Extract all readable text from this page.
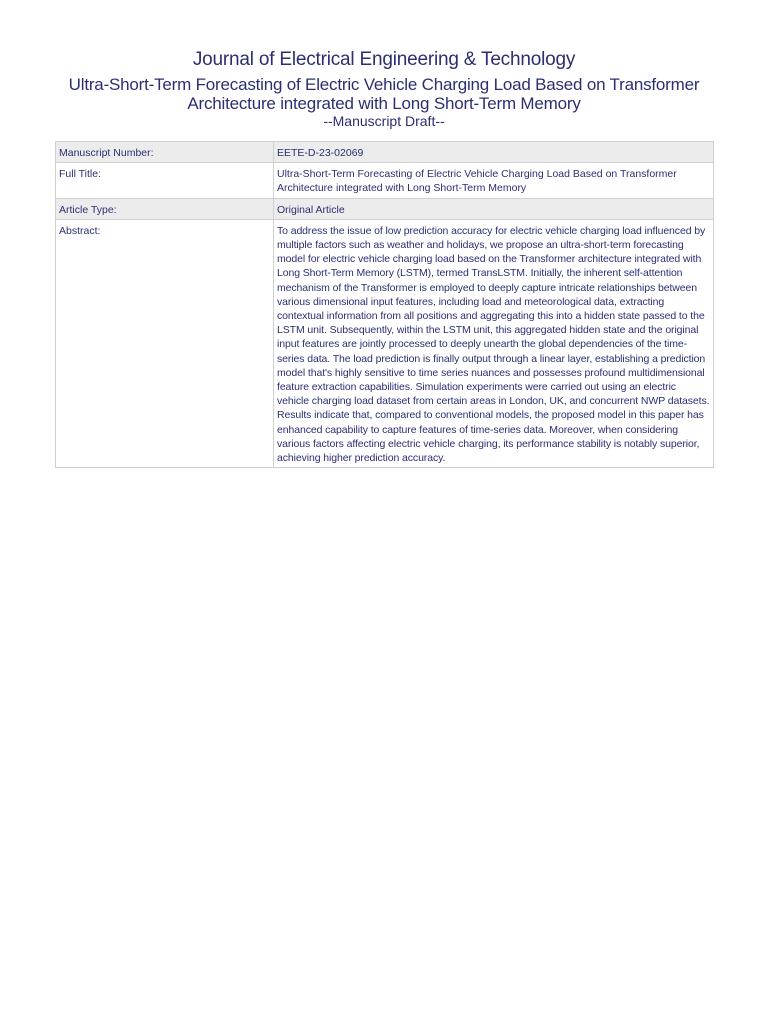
Journal of Electrical Engineering & Technology
Ultra-Short-Term Forecasting of Electric Vehicle Charging Load Based on Transformer Architecture integrated with Long Short-Term Memory
--Manuscript Draft--
Manuscript Number:	EETE-D-23-02069
Full Title:	Ultra-Short-Term Forecasting of Electric Vehicle Charging Load Based on Transformer Architecture integrated with Long Short-Term Memory
Article Type:	Original Article
Abstract:	To address the issue of low prediction accuracy for electric vehicle charging load influenced by multiple factors such as weather and holidays, we propose an ultra-short-term forecasting model for electric vehicle charging load based on the Transformer architecture integrated with Long Short-Term Memory (LSTM), termed TransLSTM. Initially, the inherent self-attention mechanism of the Transformer is employed to deeply capture intricate relationships between various dimensional input features, including load and meteorological data, extracting contextual information from all positions and aggregating this into a hidden state passed to the LSTM unit. Subsequently, within the LSTM unit, this aggregated hidden state and the original input features are jointly processed to deeply unearth the global dependencies of the time-series data. The load prediction is finally output through a linear layer, establishing a prediction model that's highly sensitive to time series nuances and possesses profound multidimensional feature extraction capabilities. Simulation experiments were carried out using an electric vehicle charging load dataset from certain areas in London, UK, and concurrent NWP datasets. Results indicate that, compared to conventional models, the proposed model in this paper has enhanced capability to capture features of time-series data. Moreover, when considering various factors affecting electric vehicle charging, its performance stability is notably superior, achieving higher prediction accuracy.
